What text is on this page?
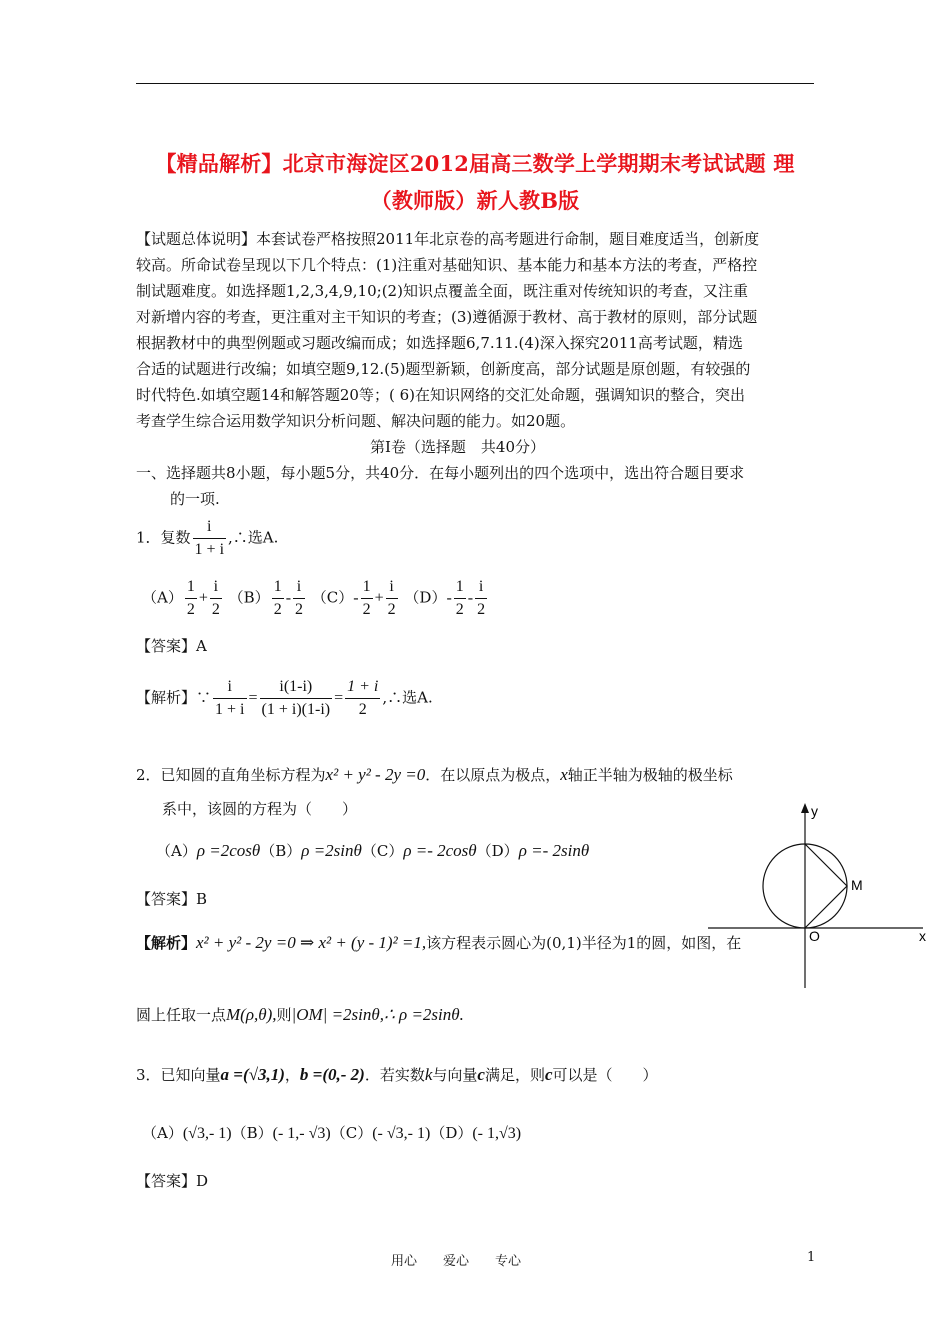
【精品解析】北京市海淀区2012届高三数学上学期期末考试试题 理
（教师版）新人教B版
【试题总体说明】本套试卷严格按照2011年北京卷的高考题进行命制，题目难度适当，创新度
较高。所命试卷呈现以下几个特点：(1)注重对基础知识、基本能力和基本方法的考查，严格控
制试题难度。如选择题1,2,3,4,9,10;(2)知识点覆盖全面，既注重对传统知识的考查，又注重
对新增内容的考查，更注重对主干知识的考查；(3)遵循源于教材、高于教材的原则，部分试题
根据教材中的典型例题或习题改编而成；如选择题6,7.11.(4)深入探究2011高考试题，精选
合适的试题进行改编；如填空题9,12.(5)题型新颖，创新度高，部分试题是原创题，有较强的
时代特色.如填空题14和解答题20等；( 6)在知识网络的交汇处命题，强调知识的整合，突出
考查学生综合运用数学知识分析问题、解决问题的能力。如20题。
第Ⅰ卷（选择题　共40分）
一、选择题共8小题，每小题5分，共40分．在每小题列出的四个选项中，选出符合题目要求
的一项.
1．复数 $\frac{i}{1 + i}$ ,∴选A.
$(A) \frac{1}{2} + \frac{i}{2} (B) \frac{1}{2} - \frac{i}{2} (C)- \frac{1}{2} + \frac{i}{2} (D)- \frac{1}{2} - \frac{i}{2}$
【答案】A
【解析】∵ $\frac{i}{1 + i} = \frac{i(1-i)}{(1 + i)(1-i)} = \frac{1 + i}{2}$ ,∴选A.
2．已知圆的直角坐标方程为x² + y² - 2y =0．在以原点为极点，x轴正半轴为极轴的极坐标
系中，该圆的方程为（　　）
（A）ρ =2cosθ（B）ρ =2sinθ（C）ρ =- 2cosθ（D）ρ =- 2sinθ
【答案】B
【解析】x² + y² - 2y =0 ⇒ x² + (y - 1)² =1,该方程表示圆心为(0,1)半径为1的圆，如图，在
圆上任取一点M(ρ,θ),则|OM| =2sinθ,∴ ρ =2sinθ.
y
M
O	x
3．已知向量a =(√3,1)，b =(0,- 2)．若实数k与向量c满足，则c可以是（　　）
（A）(√3,- 1)（B）(- 1,- √3)（C）(- √3,- 1)（D）(- 1,√3)
【答案】D
用心　　爱心　　专心	1
